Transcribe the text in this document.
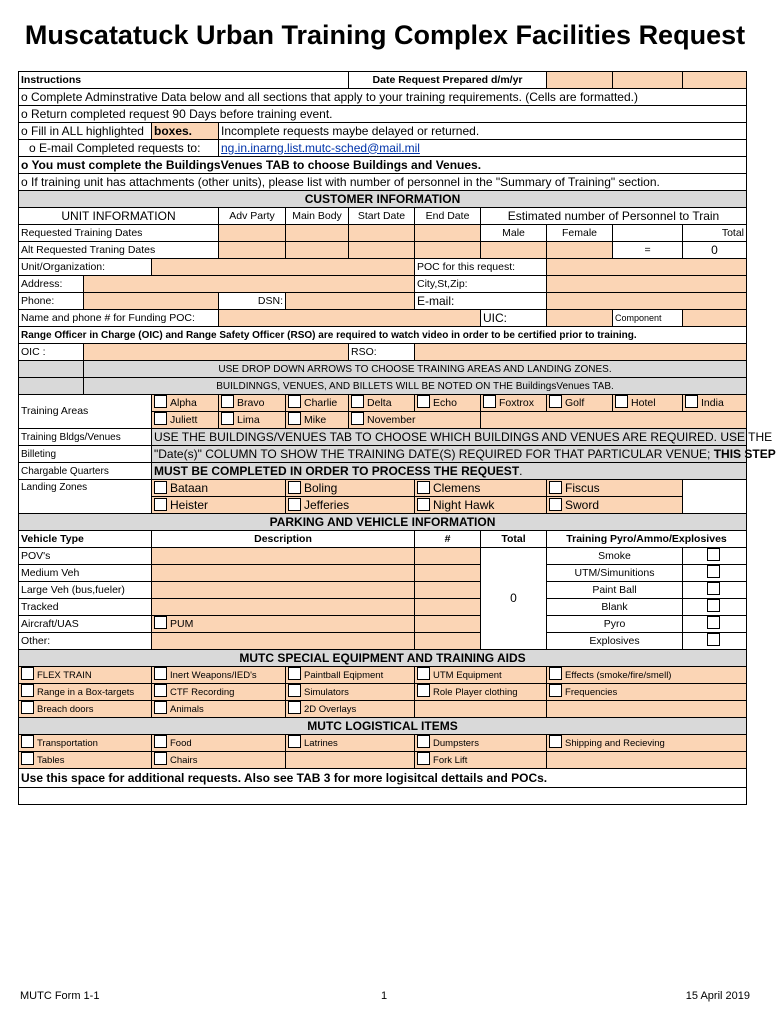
Muscatatuck Urban Training Complex Facilities Request
Instructions					Date Request Prepared d/m/yr					
o Complete Adminstrative Data below and all sections that apply to your training requirements. (Cells are formatted.)										
o Return completed request 90 Days before training event.										
o Fill in ALL highlighted		boxes.	Incomplete requests maybe delayed or returned.							
o E-mail Completed requests to:			ng.in.inarng.list.mutc-sched@mail.mil							
o You must complete the BuildingsVenues TAB to choose Buildings and Venues.										
o If training unit has attachments (other units), please list with number of personnel in the "Summary of Training" section.										
CUSTOMER INFORMATION										
UNIT INFORMATION			Adv Party	Main Body	Start Date	End Date	Estimated number of Personnel to Train			
Requested Training Dates							Male	Female		Total
Alt Requested Traning Dates									=	0
Unit/Organization:						POC for this request:				
Address:						City,St,Zip:				
Phone:			DSN:			E-mail:				
Name and phone # for Funding POC:							UIC:		Component	
Range Officer in Charge (OIC) and Range Safety Officer (RSO) are required to watch video in order to be certified prior to training.										
OIC :					RSO:					
	USE DROP DOWN ARROWS TO CHOOSE TRAINING AREAS AND LANDING ZONES.									
	BUILDINNGS, VENUES, AND BILLETS WILL BE NOTED ON THE BuildingsVenues TAB.									
Training Areas		Alpha	Bravo	Charlie	Delta	Echo	Foxtrox	Golf	Hotel	India
		Juliett	Lima	Mike	November					
Training Bldgs/Venues		USE THE BUILDINGS/VENUES TAB TO CHOOSE WHICH BUILDINGS AND VENUES ARE REQUIRED. USE THE								
Billeting		"Date(s)" COLUMN TO SHOW THE TRAINING DATE(S) REQUIRED FOR THAT PARTICULAR VENUE; THIS STEP								
Chargable Quarters		MUST BE COMPLETED IN ORDER TO PROCESS THE REQUEST.								
Landing Zones		Bataan		Boling		Clemens		Fiscus		
		Heister		Jefferies		Night Hawk		Sword		
PARKING AND VEHICLE INFORMATION										
Vehicle Type		Description				#	Total	Training Pyro/Ammo/Explosives		
POV's							0	Smoke		
Medium Veh								UTM/Simunitions		
Large Veh (bus,fueler)								Paint Ball		
Tracked								Blank		
Aircraft/UAS		PUM						Pyro		
Other:								Explosives		
MUTC SPECIAL EQUIPMENT AND TRAINING AIDS										
FLEX TRAIN		Inert Weapons/IED's		Paintball Eqipment		UTM Equipment		Effects (smoke/fire/smell)		
Range in a Box-targets		CTF Recording		Simulators		Role Player clothing		Frequencies		
Breach doors		Animals		2D Overlays						
MUTC LOGISTICAL ITEMS										
Transportation		Food		Latrines		Dumpsters		Shipping and Recieving		
Tables		Chairs				Fork Lift				
Use this space for additional requests. Also see TAB 3 for more logisitcal dettails and POCs.										

MUTC Form 1-1	1	15 April 2019
